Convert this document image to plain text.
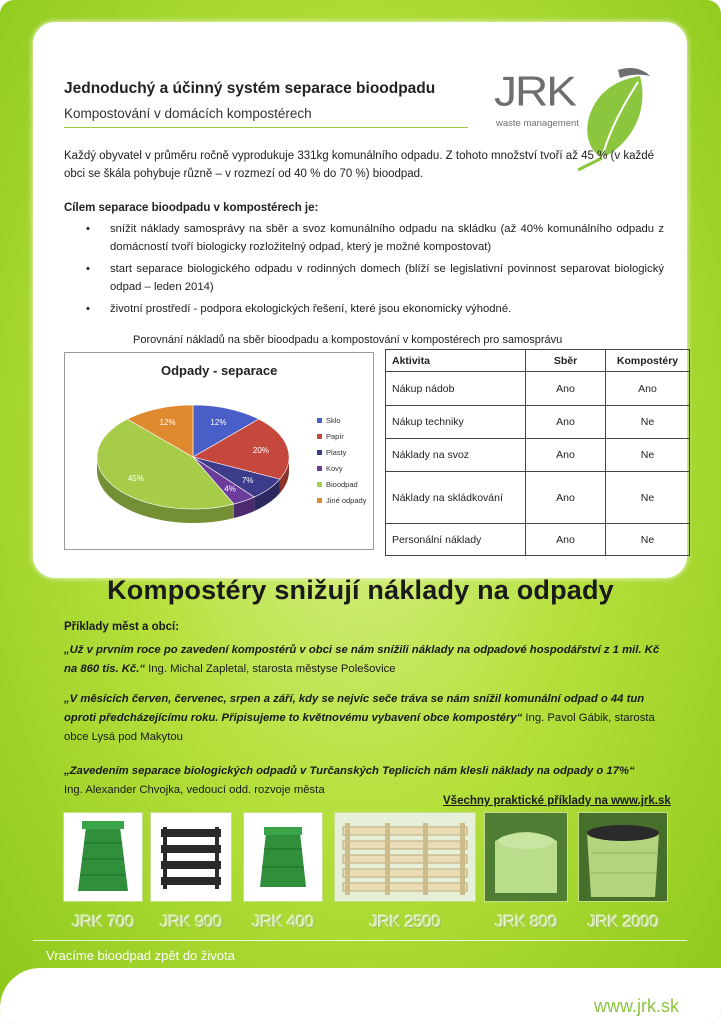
Jednoduchý a účinný systém separace bioodpadu
Kompostování v domácích kompostérech	JRK
waste management
Každý obyvatel v průměru ročně vyprodukuje 331kg komunálního odpadu. Z tohoto množství tvoří až 45 % (v každé obci se škála pohybuje různě – v rozmezí od 40 % do 70 %) bioodpad.
Cílem separace bioodpadu v kompostérech je:
• snížit náklady samosprávy na sběr a svoz komunálního odpadu na skládku (až 40% komunálního odpadu z domácností tvoří biologicky rozložitelný odpad, který je možné kompostovat)
• start separace biologického odpadu v rodinných domech (blíží se legislativní povinnost separovat biologický odpad – leden 2014)
• životní prostředí - podpora ekologických řešení, které jsou ekonomicky výhodné.
Porovnání nákladů na sběr bioodpadu a kompostování v kompostérech pro samosprávu
Odpady - separace
12%
20%
7%
4%
45%
12%	Sklo
Papír
Plasty
Kovy
Bioodpad
Jiné odpady
Aktivita	Sběr	Kompostéry
Nákup nádob	Ano	Ano
Nákup techniky	Ano	Ne
Náklady na svoz	Ano	Ne
Náklady na skládkování	Ano	Ne
Personální náklady	Ano	Ne
Kompostéry snižují náklady na odpady
Příklady měst a obcí:
„Už v prvním roce po zavedení kompostérů v obci se nám snížili náklady na odpadové hospodářství z 1 mil. Kč na 860 tis. Kč.“ Ing. Michal Zapletal, starosta městyse Polešovice
„V měsících červen, červenec, srpen a září, kdy se nejvíc seče tráva se nám snížil komunální odpad o 44 tun oproti předcházejícímu roku. Připisujeme to květnovému vybavení obce kompostéry“ Ing. Pavol Gábik, starosta obce Lysá pod Makytou
„Zavedením separace biologických odpadů v Turčanských Teplicích nám klesli náklady na odpady o 17%“
Ing. Alexander Chvojka, vedoucí odd. rozvoje města
Všechny praktické příklady na www.jrk.sk
JRK 700	JRK 900	JRK 400	JRK 2500	JRK 800	JRK 2000
Vracíme bioodpad zpět do života
www.jrk.sk
